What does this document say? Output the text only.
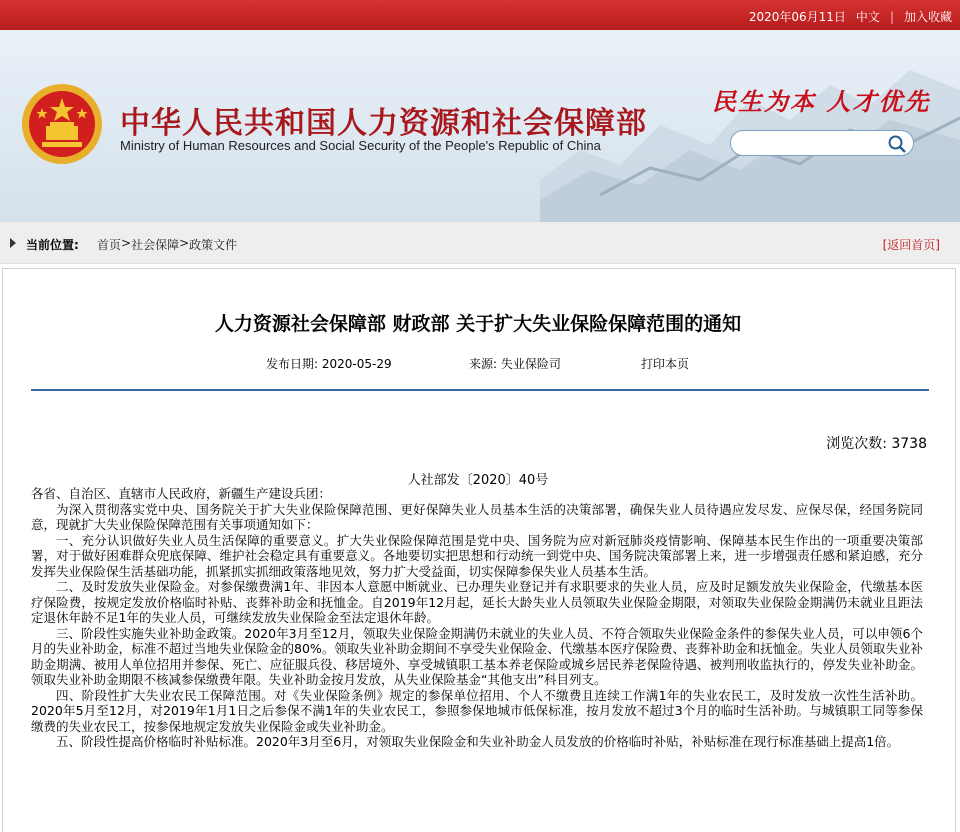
2020年06月11日 中文 | 加入收藏
中华人民共和国人力资源和社会保障部
Ministry of Human Resources and Social Security of the People's Republic of China
民生为本 人才优先
当前位置: 首页 > 社会保障 > 政策文件	[返回首页]
人力资源社会保障部 财政部 关于扩大失业保险保障范围的通知
发布日期: 2020-05-29	来源: 失业保险司	打印本页
浏览次数: 3738
人社部发〔2020〕40号

各省、自治区、直辖市人民政府，新疆生产建设兵团：

为深入贯彻落实党中央、国务院关于扩大失业保险保障范围、更好保障失业人员基本生活的决策部署，确保失业人员待遇应发尽发、应保尽保，经国务院同意，现就扩大失业保险保障范围有关事项通知如下：

一、充分认识做好失业人员生活保障的重要意义。扩大失业保险保障范围是党中央、国务院为应对新冠肺炎疫情影响、保障基本民生作出的一项重要决策部署，对于做好困难群众兜底保障、维护社会稳定具有重要意义。各地要切实把思想和行动统一到党中央、国务院决策部署上来，进一步增强责任感和紧迫感，充分发挥失业保险保生活基础功能，抓紧抓实抓细政策落地见效，努力扩大受益面，切实保障参保失业人员基本生活。

二、及时发放失业保险金。对参保缴费满1年、非因本人意愿中断就业、已办理失业登记并有求职要求的失业人员，应及时足额发放失业保险金，代缴基本医疗保险费，按规定发放价格临时补贴、丧葬补助金和抚恤金。自2019年12月起，延长大龄失业人员领取失业保险金期限，对领取失业保险金期满仍未就业且距法定退休年龄不足1年的失业人员，可继续发放失业保险金至法定退休年龄。

三、阶段性实施失业补助金政策。2020年3月至12月，领取失业保险金期满仍未就业的失业人员、不符合领取失业保险金条件的参保失业人员，可以申领6个月的失业补助金，标准不超过当地失业保险金的80%。领取失业补助金期间不享受失业保险金、代缴基本医疗保险费、丧葬补助金和抚恤金。失业人员领取失业补助金期满、被用人单位招用并参保、死亡、应征服兵役、移居境外、享受城镇职工基本养老保险或城乡居民养老保险待遇、被判刑收监执行的，停发失业补助金。领取失业补助金期限不核减参保缴费年限。失业补助金按月发放，从失业保险基金“其他支出”科目列支。

四、阶段性扩大失业农民工保障范围。对《失业保险条例》规定的参保单位招用、个人不缴费且连续工作满1年的失业农民工，及时发放一次性生活补助。2020年5月至12月，对2019年1月1日之后参保不满1年的失业农民工，参照参保地城市低保标准，按月发放不超过3个月的临时生活补助。与城镇职工同等参保缴费的失业农民工，按参保地规定发放失业保险金或失业补助金。

五、阶段性提高价格临时补贴标准。2020年3月至6月，对领取失业保险金和失业补助金人员发放的价格临时补贴，补贴标准在现行标准基础上提高1倍。
